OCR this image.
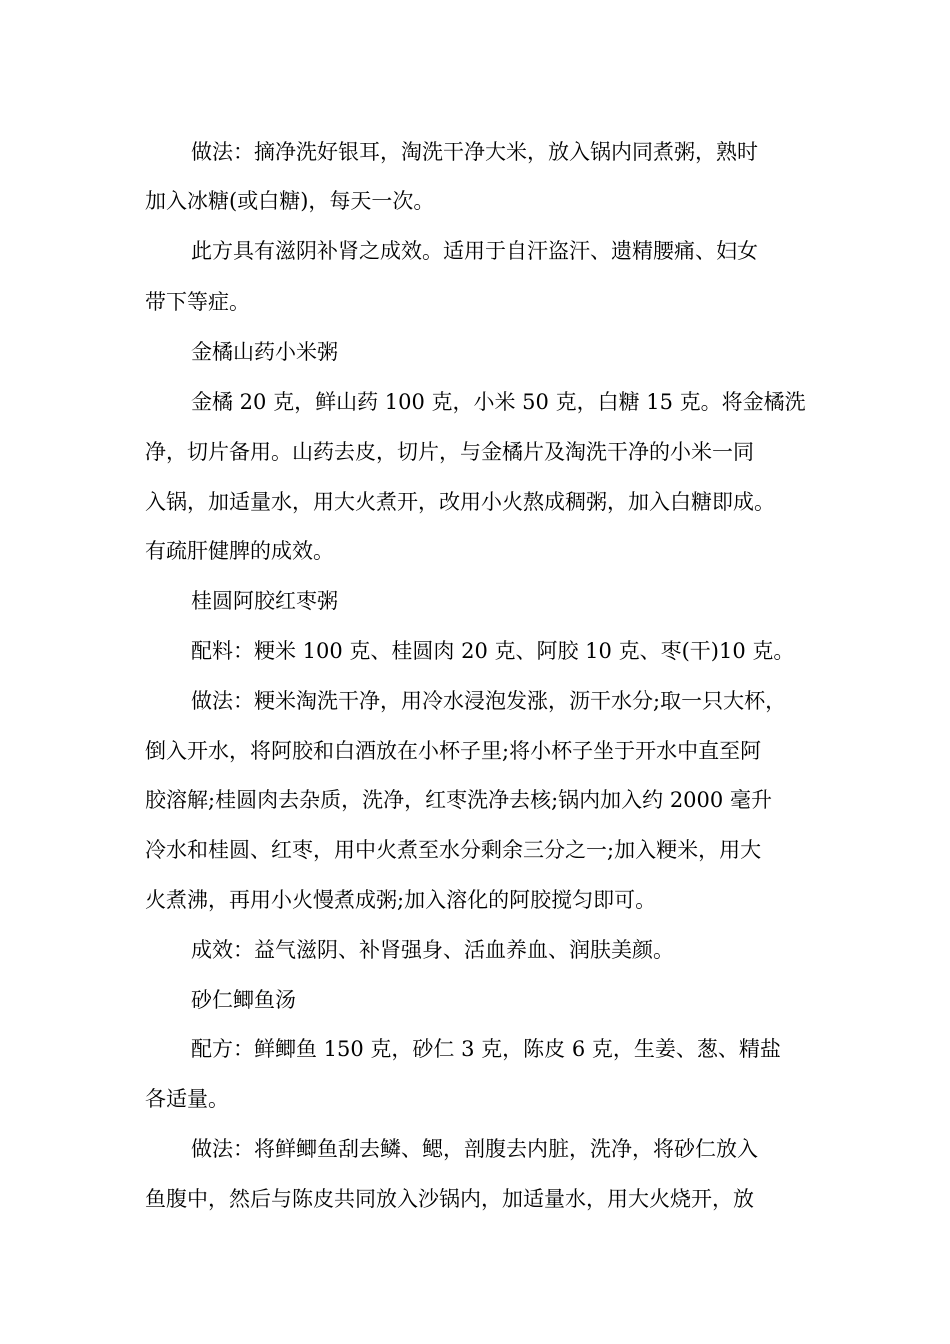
做法：摘净洗好银耳，淘洗干净大米，放入锅内同煮粥，熟时
加入冰糖(或白糖)，每天一次。
此方具有滋阴补肾之成效。适用于自汗盗汗、遗精腰痛、妇女
带下等症。
金橘山药小米粥
金橘 20 克，鲜山药 100 克，小米 50 克，白糖 15 克。将金橘洗
净，切片备用。山药去皮，切片，与金橘片及淘洗干净的小米一同
入锅，加适量水，用大火煮开，改用小火熬成稠粥，加入白糖即成。
有疏肝健脾的成效。
桂圆阿胶红枣粥
配料：粳米 100 克、桂圆肉 20 克、阿胶 10 克、枣(干)10 克。
做法：粳米淘洗干净，用冷水浸泡发涨，沥干水分;取一只大杯，
倒入开水，将阿胶和白酒放在小杯子里;将小杯子坐于开水中直至阿
胶溶解;桂圆肉去杂质，洗净，红枣洗净去核;锅内加入约 2000 毫升
冷水和桂圆、红枣，用中火煮至水分剩余三分之一;加入粳米，用大
火煮沸，再用小火慢煮成粥;加入溶化的阿胶搅匀即可。
成效：益气滋阴、补肾强身、活血养血、润肤美颜。
砂仁鲫鱼汤
配方：鲜鲫鱼 150 克，砂仁 3 克，陈皮 6 克，生姜、葱、精盐
各适量。
做法：将鲜鲫鱼刮去鳞、鳃，剖腹去内脏，洗净，将砂仁放入
鱼腹中，然后与陈皮共同放入沙锅内，加适量水，用大火烧开，放
